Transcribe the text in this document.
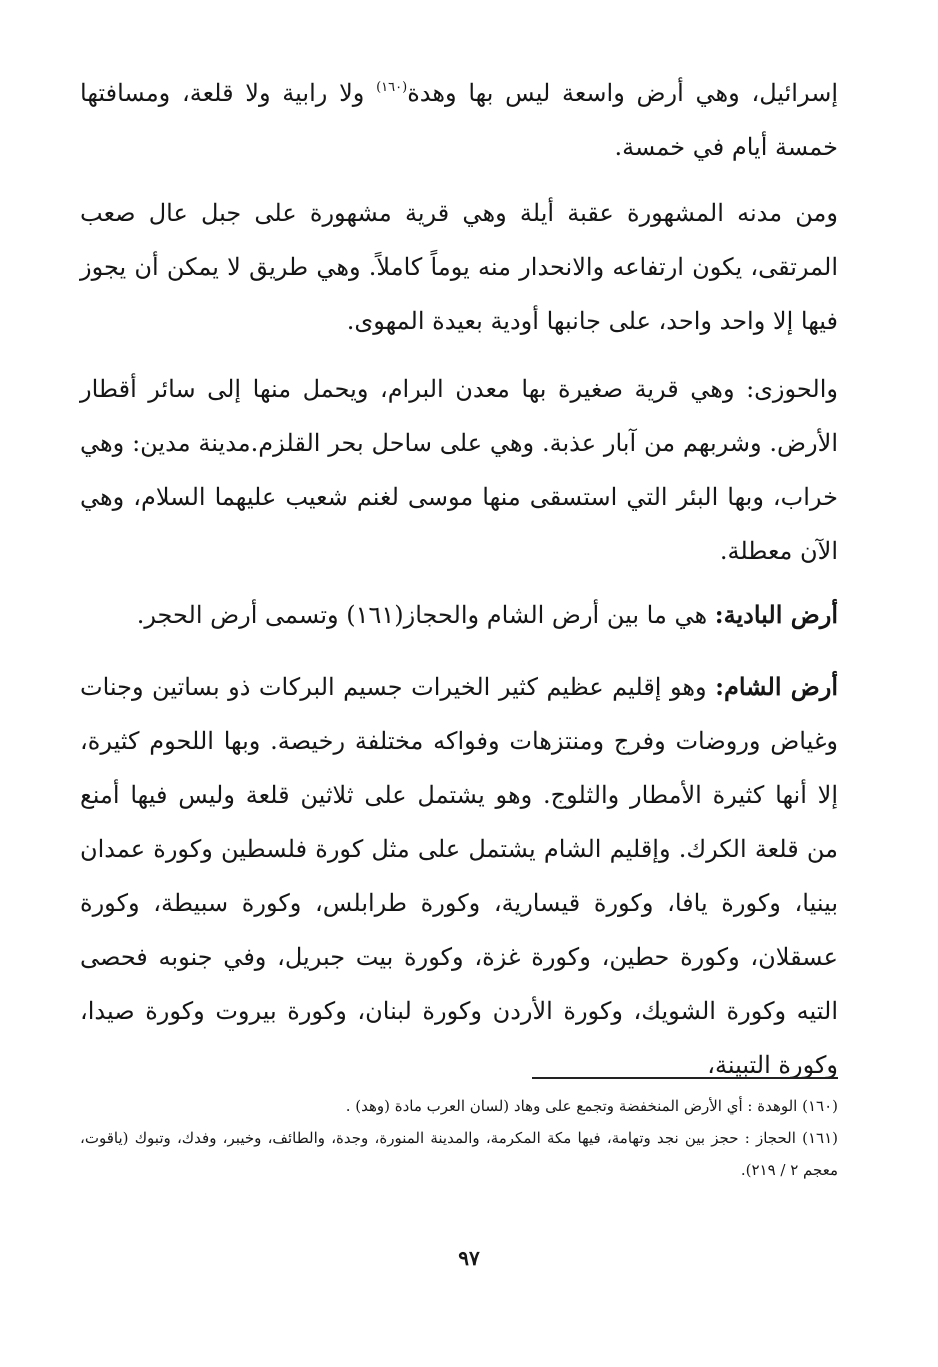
إسرائيل، وهي أرض واسعة ليس بها وهدة$^{(١٦٠)}$ ولا رابية ولا قلعة، ومسافتها خمسة أيام في خمسة.

ومن مدنه المشهورة عقبة أيلة وهي قرية مشهورة على جبل عال صعب المرتقى، يكون ارتفاعه والانحدار منه يوماً كاملاً. وهي طريق لا يمكن أن يجوز فيها إلا واحد واحد، على جانبها أودية بعيدة المهوى.

والحوزى: وهي قرية صغيرة بها معدن البرام، ويحمل منها إلى سائر أقطار الأرض. وشربهم من آبار عذبة. وهي على ساحل بحر القلزم.مدينة مدين: وهي خراب، وبها البئر التي استسقى منها موسى لغنم شعيب عليهما السلام، وهي الآن معطلة.

أرض البادية: هي ما بين أرض الشام والحجاز(١٦١) وتسمى أرض الحجر.

أرض الشام: وهو إقليم عظيم كثير الخيرات جسيم البركات ذو بساتين وجنات وغياض وروضات وفرج ومنتزهات وفواكه مختلفة رخيصة. وبها اللحوم كثيرة، إلا أنها كثيرة الأمطار والثلوج. وهو يشتمل على ثلاثين قلعة وليس فيها أمنع من قلعة الكرك. وإقليم الشام يشتمل على مثل كورة فلسطين وكورة عمدان بينيا، وكورة يافا، وكورة قيسارية، وكورة طرابلس، وكورة سبيطة، وكورة عسقلان، وكورة حطين، وكورة غزة، وكورة بيت جبريل، وفي جنوبه فحصى التيه وكورة الشويك، وكورة الأردن وكورة لبنان، وكورة بيروت وكورة صيدا، وكورة التبينة،

(١٦٠) الوهدة : أي الأرض المنخفضة وتجمع على وهاد (لسان العرب مادة (وهد) .

(١٦١) الحجاز : حجز بين نجد وتهامة، فيها مكة المكرمة، والمدينة المنورة، وجدة، والطائف، وخيبر، وفدك، وتبوك (ياقوت، معجم ٢ / ٢١٩).

٩٧
